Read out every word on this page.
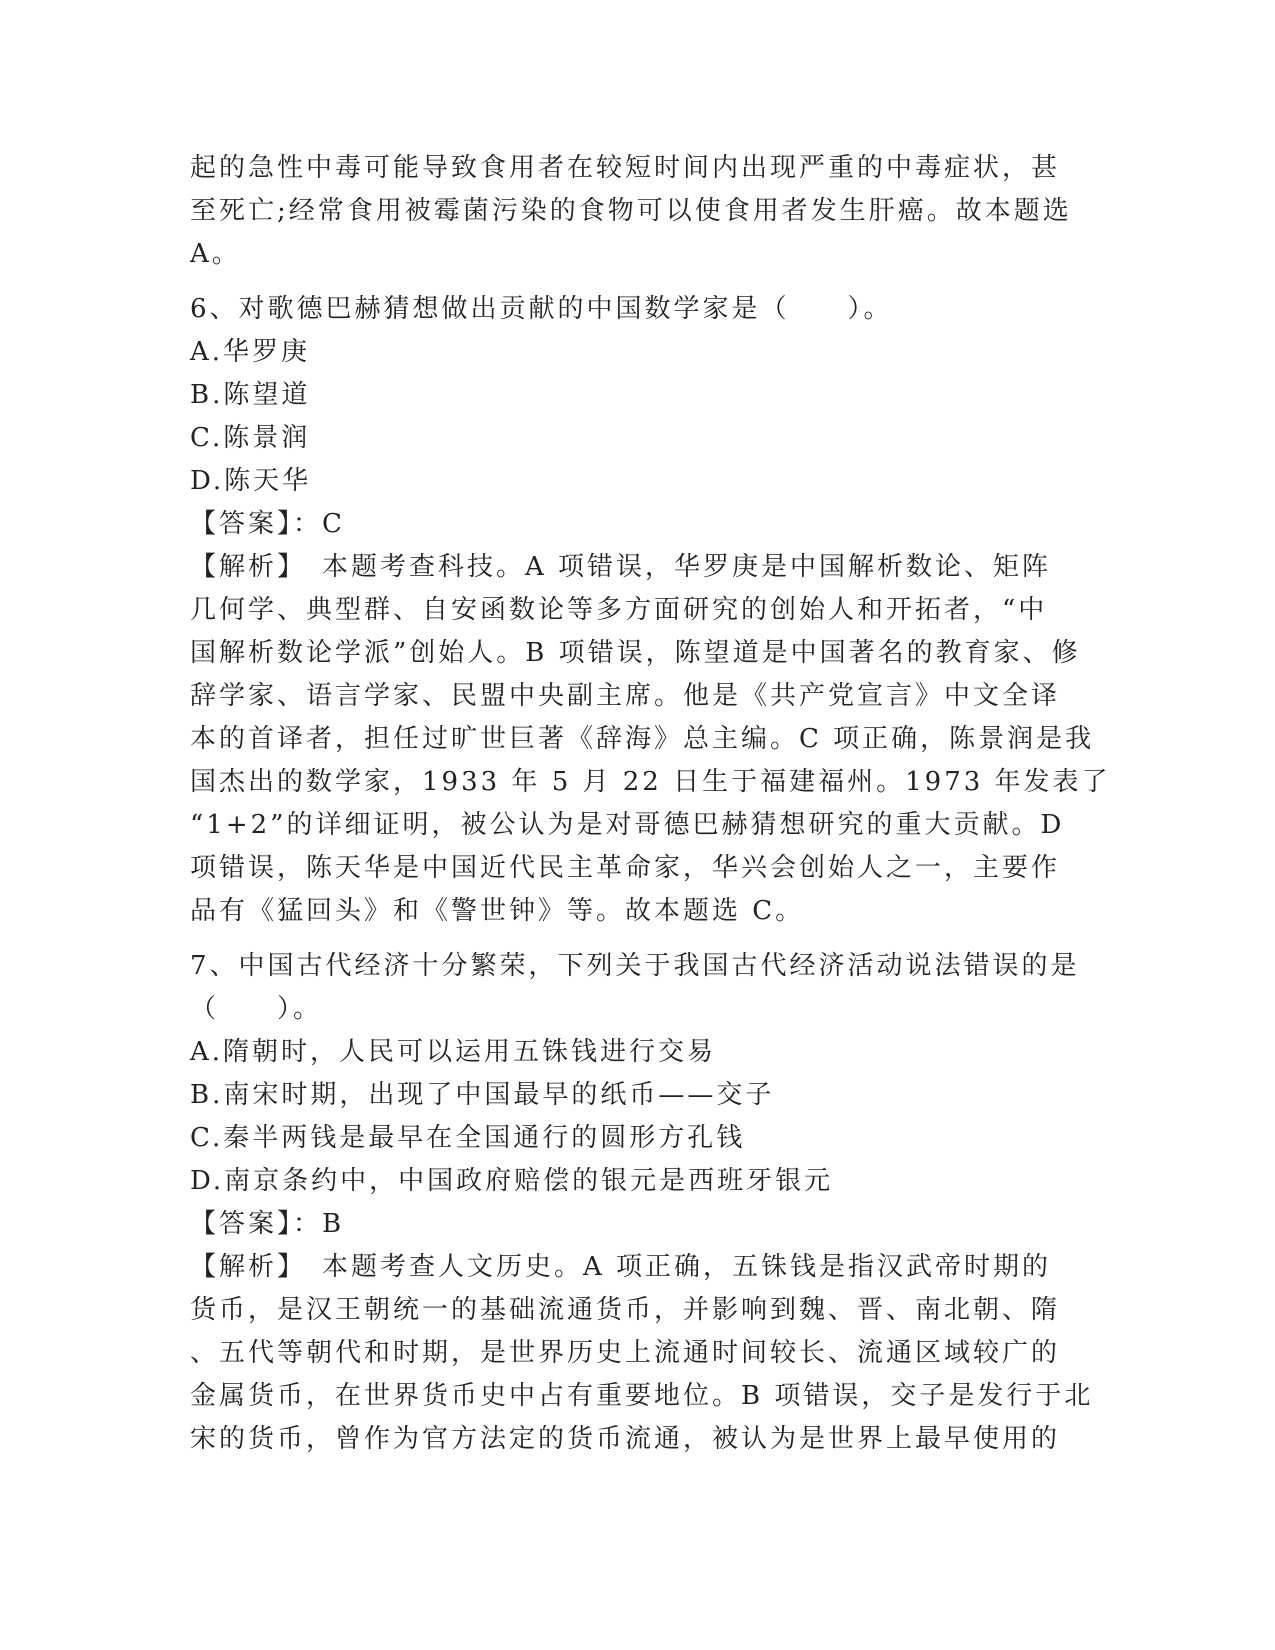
起的急性中毒可能导致食用者在较短时间内出现严重的中毒症状，甚
至死亡;经常食用被霉菌污染的食物可以使食用者发生肝癌。故本题选
A。
6、对歌德巴赫猜想做出贡献的中国数学家是（　　）。
A.华罗庚
B.陈望道
C.陈景润
D.陈天华
【答案】：C
【解析】　本题考查科技。A 项错误，华罗庚是中国解析数论、矩阵
几何学、典型群、自安函数论等多方面研究的创始人和开拓者，“中
国解析数论学派”创始人。B 项错误，陈望道是中国著名的教育家、修
辞学家、语言学家、民盟中央副主席。他是《共产党宣言》中文全译
本的首译者，担任过旷世巨著《辞海》总主编。C 项正确，陈景润是我
国杰出的数学家，1933 年 5 月 22 日生于福建福州。1973 年发表了
“1+2”的详细证明，被公认为是对哥德巴赫猜想研究的重大贡献。D
项错误，陈天华是中国近代民主革命家，华兴会创始人之一，主要作
品有《猛回头》和《警世钟》等。故本题选 C。
7、中国古代经济十分繁荣，下列关于我国古代经济活动说法错误的是
（　　）。
A.隋朝时，人民可以运用五铢钱进行交易
B.南宋时期，出现了中国最早的纸币——交子
C.秦半两钱是最早在全国通行的圆形方孔钱
D.南京条约中，中国政府赔偿的银元是西班牙银元
【答案】：B
【解析】　本题考查人文历史。A 项正确，五铢钱是指汉武帝时期的
货币，是汉王朝统一的基础流通货币，并影响到魏、晋、南北朝、隋
、五代等朝代和时期，是世界历史上流通时间较长、流通区域较广的
金属货币，在世界货币史中占有重要地位。B 项错误，交子是发行于北
宋的货币，曾作为官方法定的货币流通，被认为是世界上最早使用的
